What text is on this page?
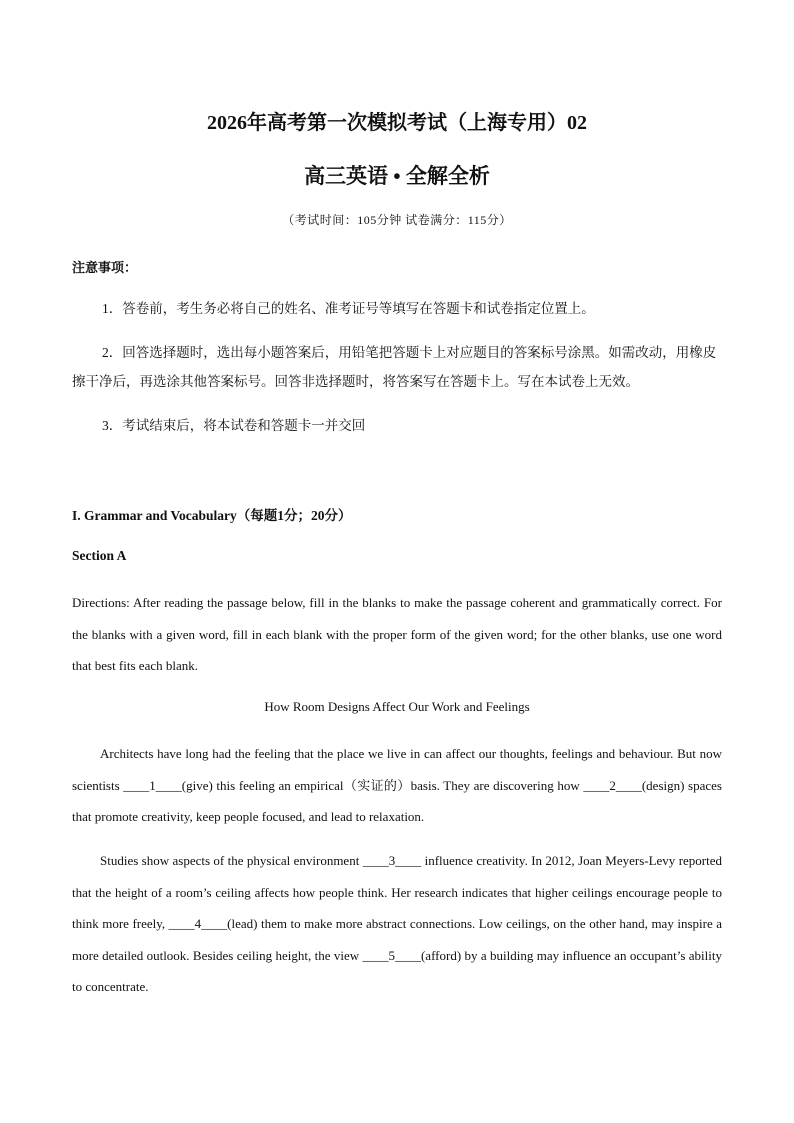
2026年高考第一次模拟考试（上海专用）02
高三英语 • 全解全析
（考试时间：105分钟 试卷满分：115分）
注意事项：

1．答卷前，考生务必将自己的姓名、准考证号等填写在答题卡和试卷指定位置上。

2．回答选择题时，选出每小题答案后，用铅笔把答题卡上对应题目的答案标号涂黑。如需改动，用橡皮擦干净后，再选涂其他答案标号。回答非选择题时，将答案写在答题卡上。写在本试卷上无效。

3．考试结束后，将本试卷和答题卡一并交回

I. Grammar and Vocabulary（每题1分；20分）
Section A

Directions: After reading the passage below, fill in the blanks to make the passage coherent and grammatically correct. For the blanks with a given word, fill in each blank with the proper form of the given word; for the other blanks, use one word that best fits each blank.

How Room Designs Affect Our Work and Feelings

Architects have long had the feeling that the place we live in can affect our thoughts, feelings and behaviour. But now scientists ____1____(give) this feeling an empirical（实证的）basis. They are discovering how ____2____(design) spaces that promote creativity, keep people focused, and lead to relaxation.

Studies show aspects of the physical environment ____3____ influence creativity. In 2012, Joan Meyers-Levy reported that the height of a room’s ceiling affects how people think. Her research indicates that higher ceilings encourage people to think more freely, ____4____(lead) them to make more abstract connections. Low ceilings, on the other hand, may inspire a more detailed outlook. Besides ceiling height, the view ____5____(afford) by a building may influence an occupant’s ability to concentrate.
